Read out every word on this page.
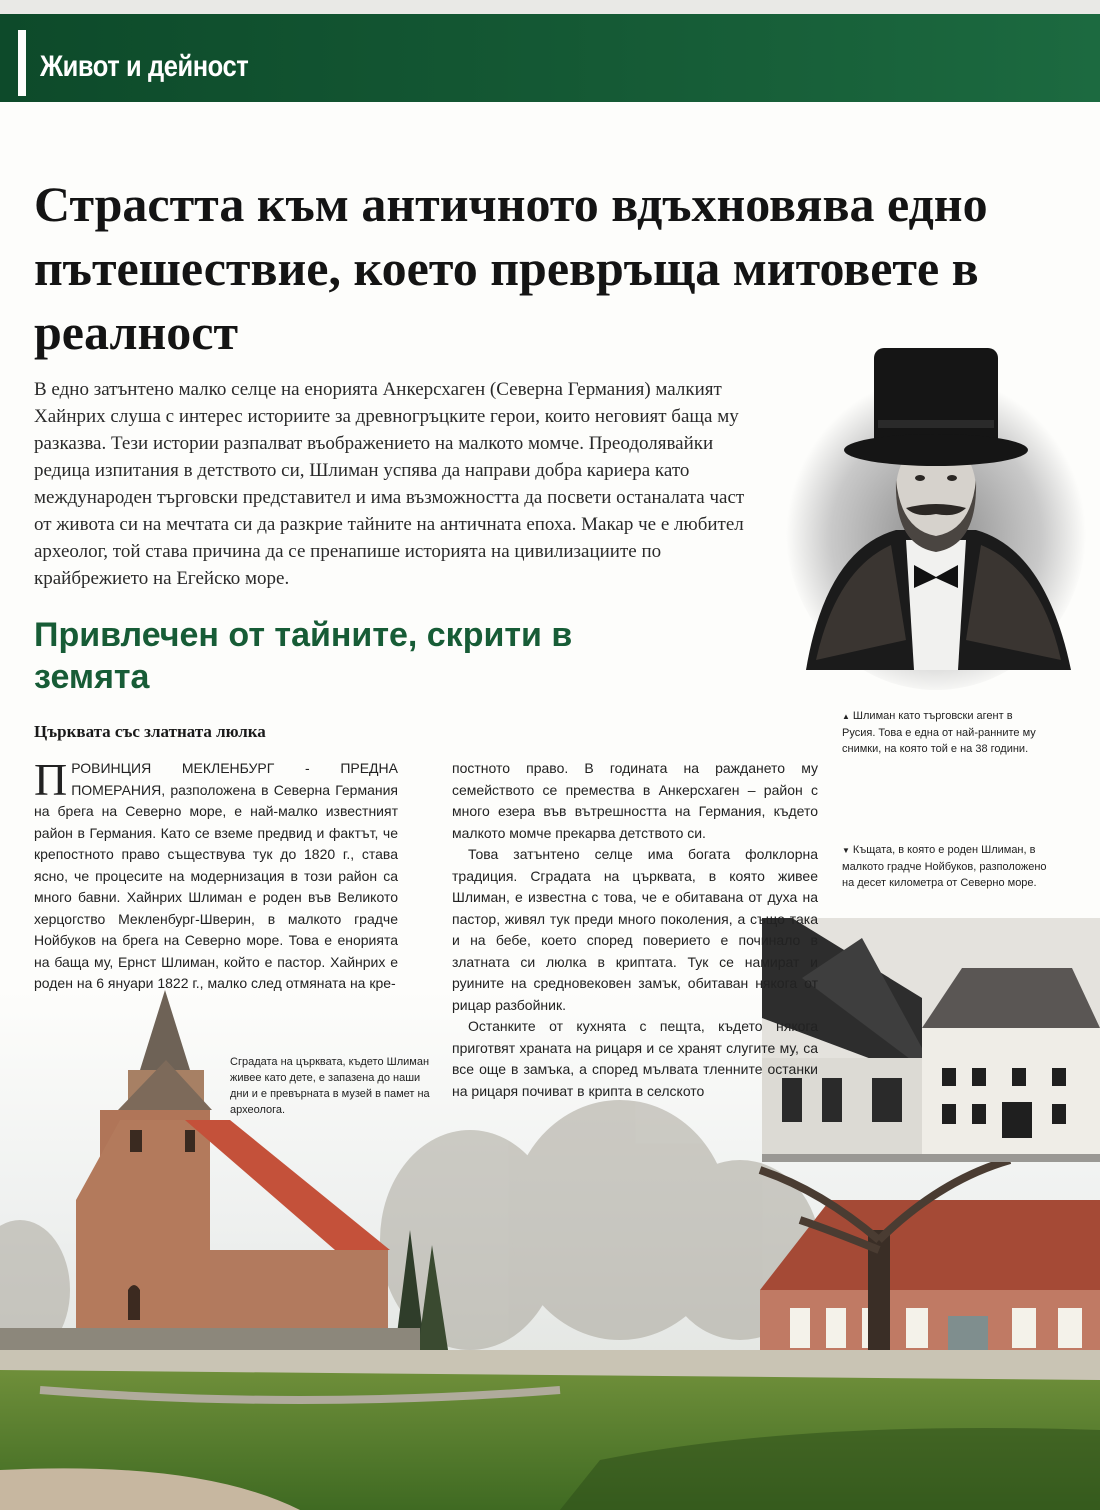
Живот и дейност
Страстта към античното вдъхновява едно пътешествие, което превръща митовете в реалност

В едно затънтено малко селце на енорията Анкерсхаген (Северна Германия) малкият Хайнрих слуша с интерес историите за древногръцките герои, които неговият баща му разказва. Тези истории разпалват въображението на малкото момче. Преодолявайки редица изпитания в детството си, Шлиман успява да направи добра кариера като международен търговски представител и има възможността да посвети останалата част от живота си на мечтата си да разкрие тайните на античната епоха. Макар че е любител археолог, той става причина да се пренапише историята на цивилизациите по крайбрежието на Егейско море.

▲ Шлиман като търговски агент в Русия. Това е една от най-ранните му снимки, на която той е на 38 години.
Привлечен от тайните, скрити в земята
Църквата със златната люлка
▼ Къщата, в която е роден Шлиман, в малкото градче Нойбуков, разположено на десет километра от Северно море.
ПРОВИНЦИЯ МЕКЛЕНБУРГ - ПРЕДНА ПОМЕРАНИЯ, разположена в Северна Германия на брега на Северно море, е най-малко известният район в Германия. Като се вземе предвид и фактът, че крепостното право съществува тук до 1820 г., става ясно, че процесите на модернизация в този район са много бавни. Хайнрих Шлиман е роден във Великото херцогство Мекленбург-Шверин, в малкото градче Нойбуков на брега на Северно море. Това е енорията на баща му, Ернст Шлиман, който е пастор. Хайнрих е роден на 6 януари 1822 г., малко след отмяната на кре-

постното право. В годината на раждането му семейството се премества в Анкерсхаген – район с много езера във вътрешността на Германия, където малкото момче прекарва детството си.

Това затънтено селце има богата фолклорна традиция. Сградата на църквата, в която живее Шлиман, е известна с това, че е обитавана от духа на пастор, живял тук преди много поколения, а също така и на бебе, което според поверието е починало в златната си люлка в криптата. Тук се намират и руините на средновековен замък, обитаван някога от рицар разбойник.

Останките от кухнята с пещта, където някога приготвят храната на рицаря и се хранят слугите му, са все още в замъка, а според мълвата тленните останки на рицаря почиват в крипта в селското

Сградата на църквата, където Шлиман живее като дете, е запазена до наши дни и е превърната в музей в памет на археолога.
